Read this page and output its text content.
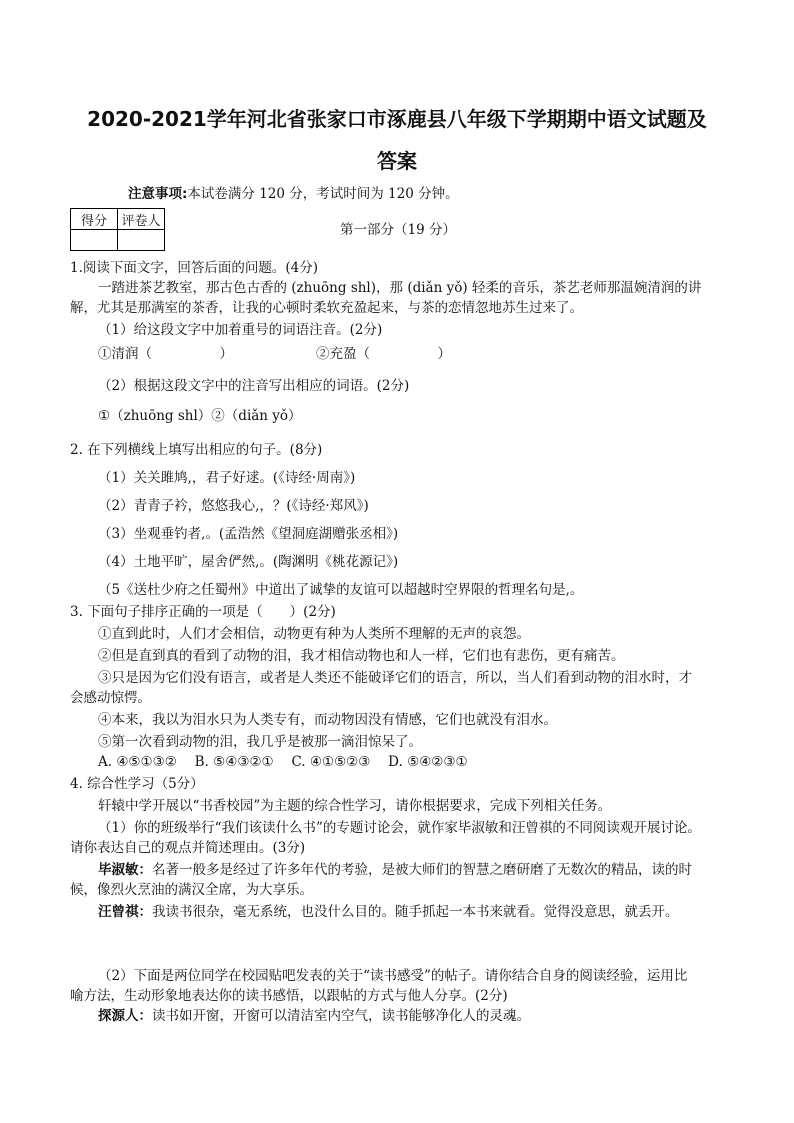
2020-2021学年河北省张家口市涿鹿县八年级下学期期中语文试题及
答案
注意事项:本试卷满分 120 分，考试时间为 120 分钟。
得分	评卷人

第一部分（19 分）
1.阅读下面文字，回答后面的问题。(4分)
一踏进茶艺教室，那古色古香的 (zhuōng shl)，那 (diǎn yǒ) 轻柔的音乐，茶艺老师那温婉清润的讲
解，尤其是那满室的茶香，让我的心顿时柔软充盈起来，与茶的恋情忽地苏生过来了。
（1）给这段文字中加着重号的词语注音。(2分)
①清润（　　　　　）	②充盈（　　　　　）
（2）根据这段文字中的注音写出相应的词语。(2分)
①（zhuōng shl）②（diǎn yǒ）
2. 在下列横线上填写出相应的句子。(8分)
（1）关关雎鸠,，君子好逑。(《诗经·周南》)
（2）青青子衿，悠悠我心,，？(《诗经·郑风》)
（3）坐观垂钓者,。(孟浩然《望洞庭湖赠张丞相》)
（4）土地平旷，屋舍俨然,。(陶渊明《桃花源记》)
（5《送杜少府之任蜀州》中道出了诚挚的友谊可以超越时空界限的哲理名句是,。
3. 下面句子排序正确的一项是（　　）(2分)
①直到此时，人们才会相信，动物更有种为人类所不理解的无声的哀怨。
②但是直到真的看到了动物的泪，我才相信动物也和人一样，它们也有悲伤，更有痛苦。
③只是因为它们没有语言，或者是人类还不能破译它们的语言，所以，当人们看到动物的泪水时，才
会感动惊愕。
④本来，我以为泪水只为人类专有，而动物因没有情感，它们也就没有泪水。
⑤第一次看到动物的泪，我几乎是被那一滴泪惊呆了。
A. ④⑤①③②　 B. ⑤④③②①　 C. ④①⑤②③　 D. ⑤④②③①
4. 综合性学习（5分）
轩辕中学开展以“书香校园”为主题的综合性学习，请你根据要求，完成下列相关任务。
（1）你的班级举行“我们该读什么书”的专题讨论会，就作家毕淑敏和汪曾祺的不同阅读观开展讨论。
请你表达自己的观点并简述理由。(3分)
毕淑敏：名著一般多是经过了许多年代的考验，是被大师们的智慧之磨研磨了无数次的精品，读的时
候，像烈火烹油的满汉全席，为大享乐。
汪曾祺：我读书很杂，毫无系统，也没什么目的。随手抓起一本书来就看。觉得没意思，就丢开。
（2）下面是两位同学在校园贴吧发表的关于“读书感受”的帖子。请你结合自身的阅读经验，运用比
喻方法，生动形象地表达你的读书感悟，以跟帖的方式与他人分享。(2分)
探源人：读书如开窗，开窗可以清洁室内空气，读书能够净化人的灵魂。
